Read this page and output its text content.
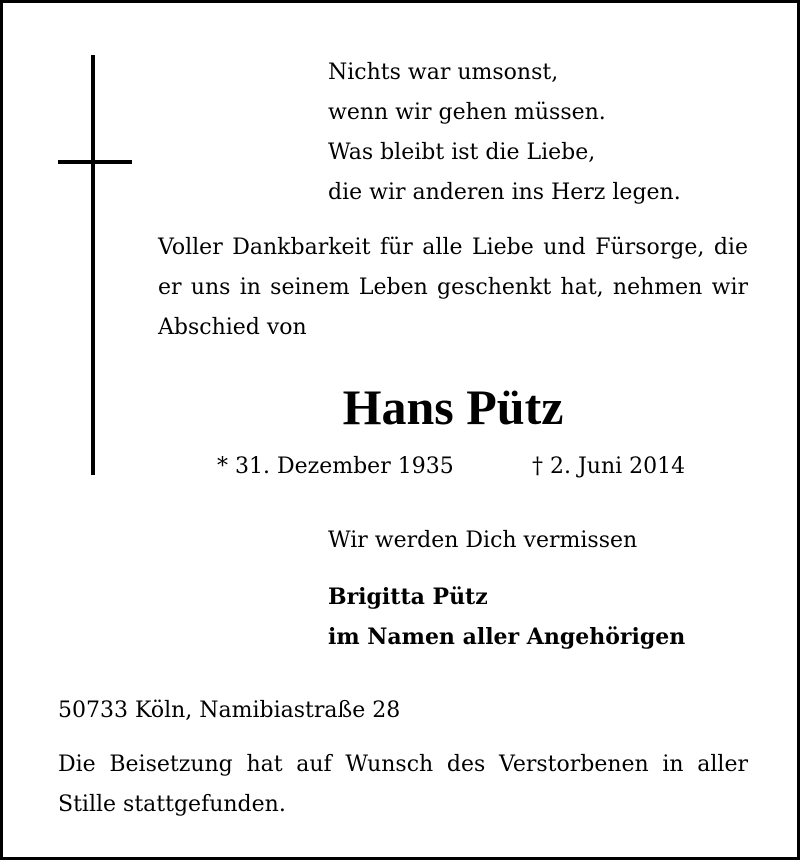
Nichts war umsonst,
wenn wir gehen müssen.
Was bleibt ist die Liebe,
die wir anderen ins Herz legen.

Voller Dankbarkeit für alle Liebe und Fürsorge, die er uns in seinem Leben geschenkt hat, nehmen wir Abschied von

Hans Pütz
* 31. Dezember 1935	† 2. Juni 2014
Wir werden Dich vermissen
Brigitta Pütz
im Namen aller Angehörigen
50733 Köln, Namibiastraße 28

Die Beisetzung hat auf Wunsch des Verstorbenen in aller Stille stattgefunden.
